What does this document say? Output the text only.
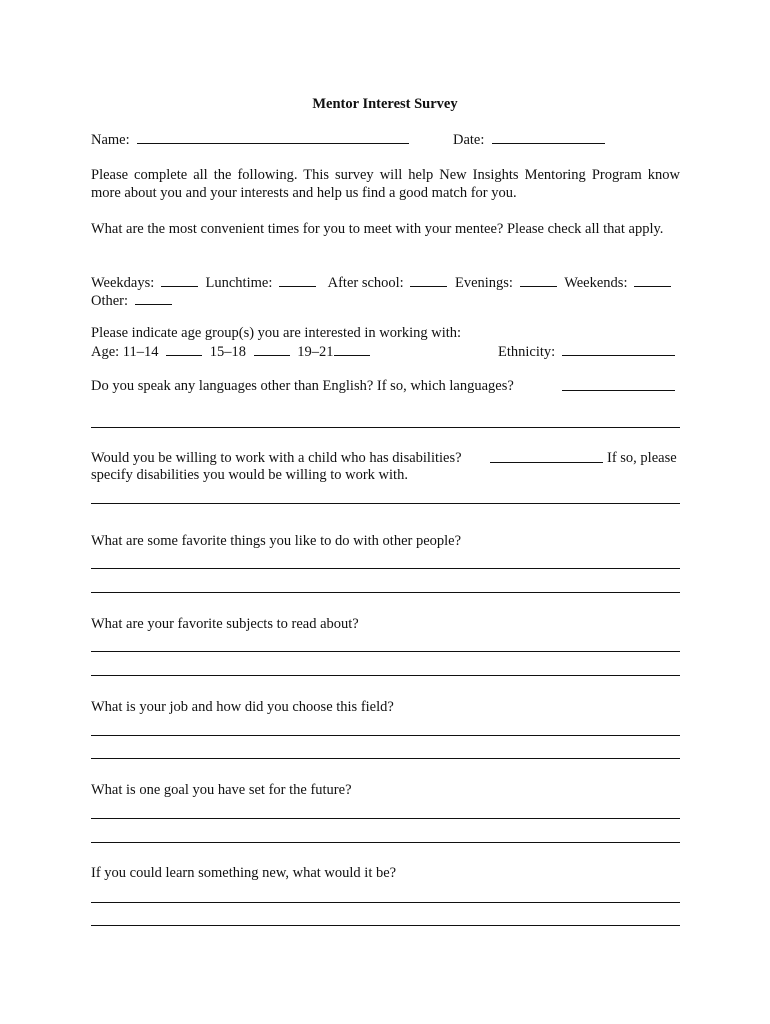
Mentor Interest Survey
Name:	Date:
Please complete all the following. This survey will help New Insights Mentoring Program know more about you and your interests and help us find a good match for you.
What are the most convenient times for you to meet with your mentee? Please check all that apply.
Weekdays:	Lunchtime:	After school:	Evenings:	Weekends:
Other:
Please indicate age group(s) you are interested in working with:
Age: 11–14	15–18	19–21	Ethnicity:
Do you speak any languages other than English? If so, which languages?
Would you be willing to work with a child who has disabilities?	If so, please
specify disabilities you would be willing to work with.
What are some favorite things you like to do with other people?
What are your favorite subjects to read about?
What is your job and how did you choose this field?
What is one goal you have set for the future?
If you could learn something new, what would it be?
